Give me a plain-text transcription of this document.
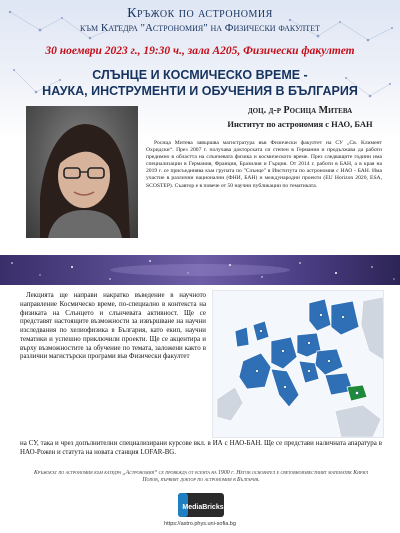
Кръжок по астрономия
към Катедра "Астрономия" на Физически факултет
30 ноември 2023 г., 19:30 ч., зала А205, Физически факултет
СЛЪНЦЕ И КОСМИЧЕСКО ВРЕМЕ -
НАУКА, ИНСТРУМЕНТИ И ОБУЧЕНИЯ В БЪЛГАРИЯ
доц. д-р Росица Митева
Институт по астрономия с НАО, БАН
Росица Митева завършва магистратура във Физически факултет на СУ „Св. Климент Охридски“. През 2007 г. получава докторската си степен в Германия и продължава да работи предимно в областта на слънчевата физика и космическото време. През следващите години има специализации в Германия, Франция, Бразилия и Гърция. От 2014 г. работи в БАН, а в края на 2019 г. се присъединява към групата по "Слънце" в Института по астрономия с НАО - БАН. Има участие в различни национални (ФНИ, БАН) и международни проекти (EU Horizon 2020, ESA, SCOSTEP). Съавтор е в повече от 50 научни публикации по тематиката.
Лекцията ще направи накратко въведение в научното направление Космическо време, по-специално в контекста на физиката на Слънцето и слънчевата активност. Ще се представят настоящите възможности за извършване на научни изследвания по хелиофизика в България, като екип, научни тематики и успешно приключили проекти. Ще се акцентира и върху възможностите за обучение по темата, заложени както в различни магистърски програми във Физически факултет
на СУ, така и чрез допълнителни специализирани курсове вкл. в ИА с НАО-БАН. Ще се представи наличната апаратура в НАО-Рожен и статута на новата станция LOFAR-BG.
Кръжокът по астрономия към катедра „Астрономия“ се провежда от есента на 1900 г. Негов основател е световноизвестният математик Кирил Попов, първият доктор по астрономия в България.
MediaBricks
https://astro.phys.uni-sofia.bg
